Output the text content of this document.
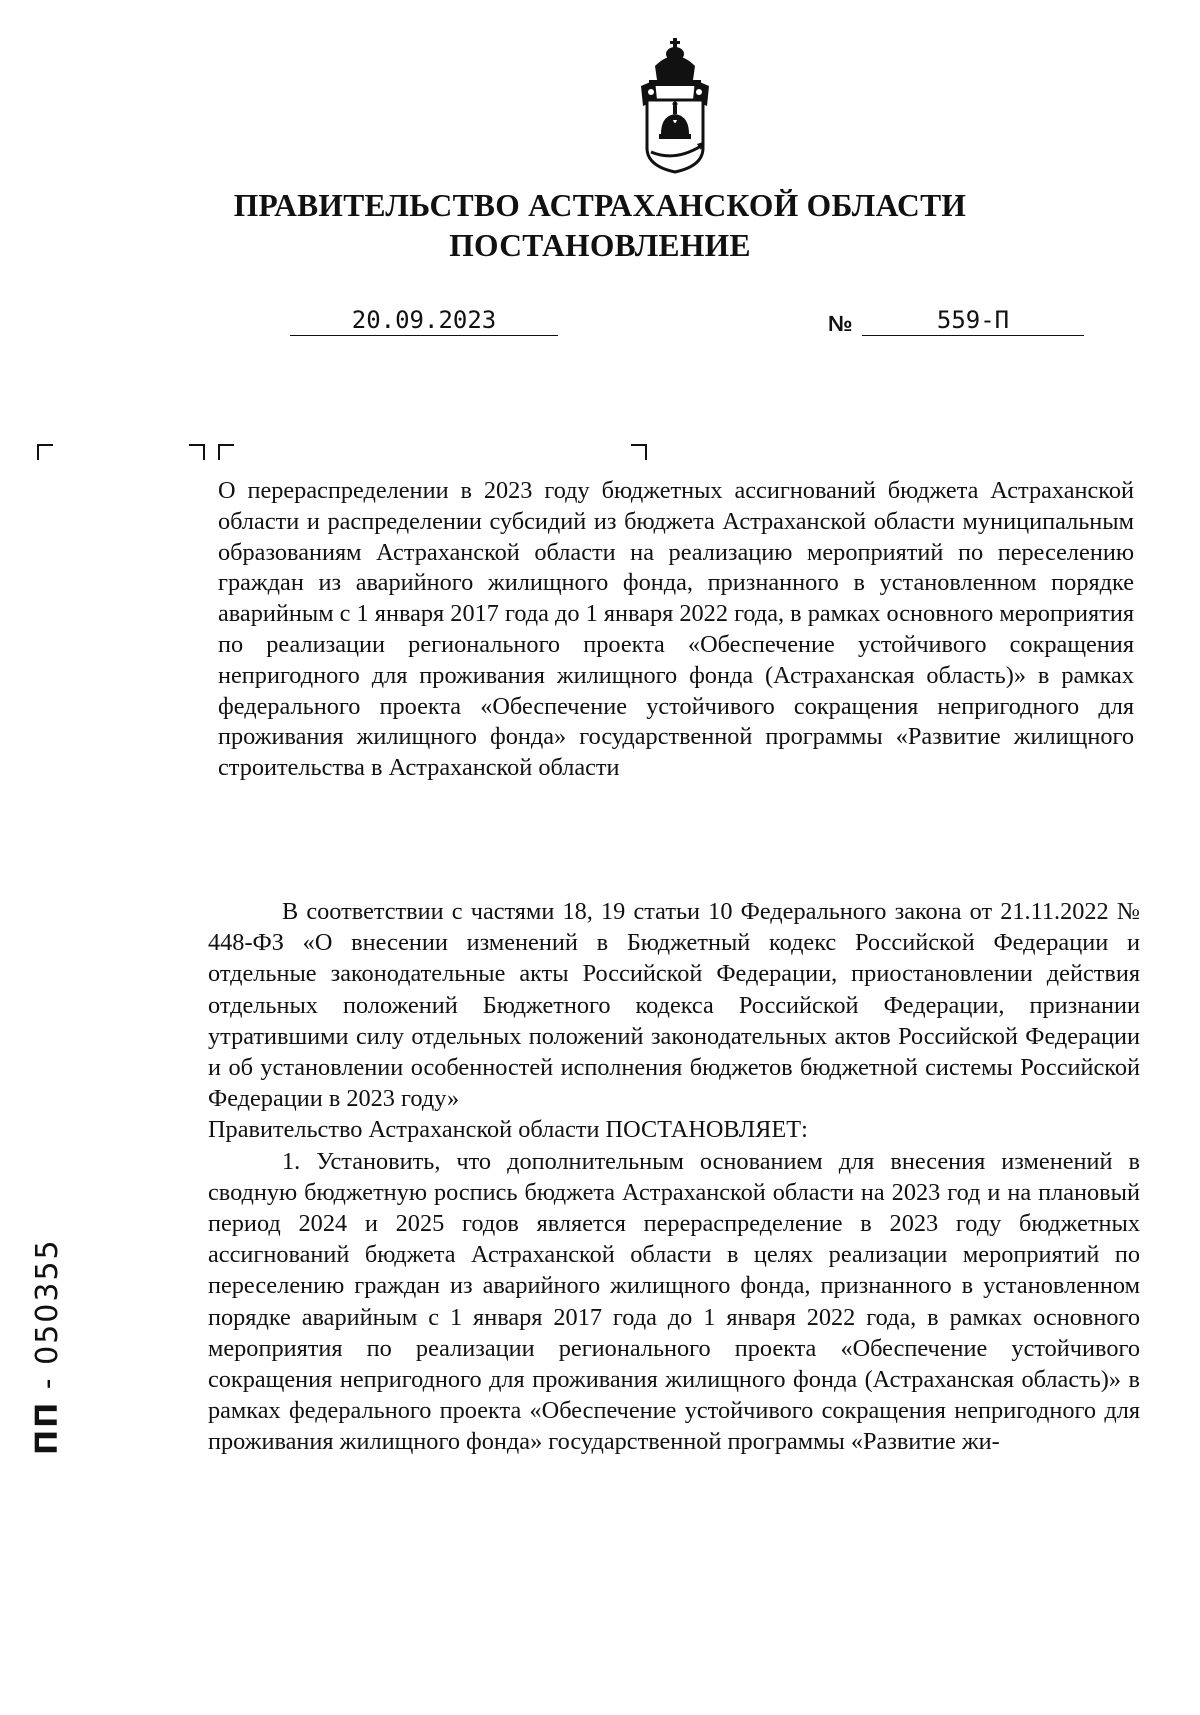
ПРАВИТЕЛЬСТВО АСТРАХАНСКОЙ ОБЛАСТИ
ПОСТАНОВЛЕНИЕ
20.09.2023	№	559-П
О перераспределении в 2023 году бюджетных ассигнований бюджета Астраханской области и распределении субсидий из бюджета Астраханской области муниципальным образованиям Астраханской области на реализацию мероприятий по переселению граждан из аварийного жилищного фонда, признанного в установленном порядке аварийным с 1 января 2017 года до 1 января 2022 года, в рамках основного мероприятия по реализации регионального проекта «Обеспечение устойчивого сокращения непригодного для проживания жилищного фонда (Астраханская область)» в рамках федерального проекта «Обеспечение устойчивого сокращения непригодного для проживания жилищного фонда» государственной программы «Развитие жилищного строительства в Астраханской области

В соответствии с частями 18, 19 статьи 10 Федерального закона от 21.11.2022 № 448-ФЗ «О внесении изменений в Бюджетный кодекс Российской Федерации и отдельные законодательные акты Российской Федерации, приостановлении действия отдельных положений Бюджетного кодекса Российской Федерации, признании утратившими силу отдельных положений законодательных актов Российской Федерации и об установлении особенностей исполнения бюджетов бюджетной системы Российской Федерации в 2023 году»

Правительство Астраханской области ПОСТАНОВЛЯЕТ:

1. Установить, что дополнительным основанием для внесения изменений в сводную бюджетную роспись бюджета Астраханской области на 2023 год и на плановый период 2024 и 2025 годов является перераспределение в 2023 году бюджетных ассигнований бюджета Астраханской области в целях реализации мероприятий по переселению граждан из аварийного жилищного фонда, признанного в установленном порядке аварийным с 1 января 2017 года до 1 января 2022 года, в рамках основного мероприятия по реализации регионального проекта «Обеспечение устойчивого сокращения непригодного для проживания жилищного фонда (Астраханская область)» в рамках федерального проекта «Обеспечение устойчивого сокращения непригодного для проживания жилищного фонда» государственной программы «Развитие жи-

ПП - 050355
